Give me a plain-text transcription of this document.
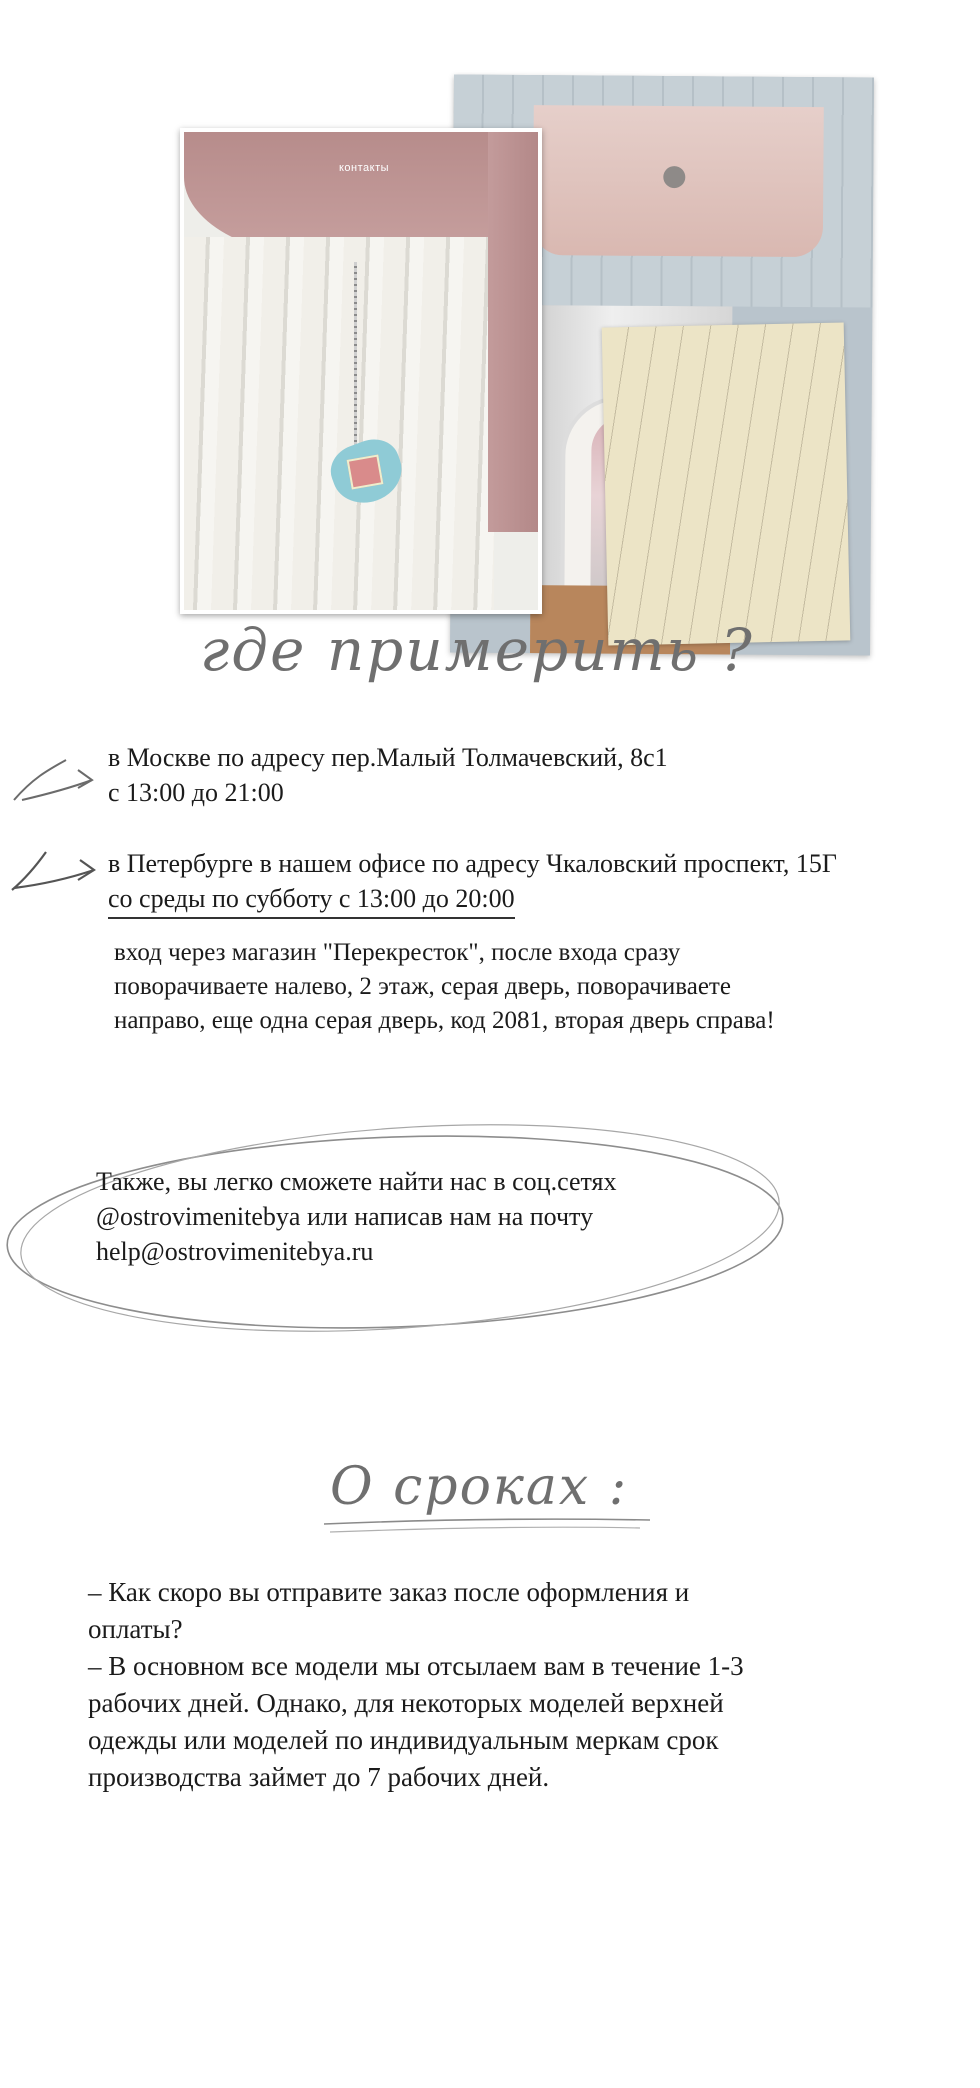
контакты
где примерить ?
в Москве по адресу пер.Малый Толмачевский, 8с1
с 13:00 до 21:00
в Петербурге в нашем офисе по адресу Чкаловский проспект, 15Г
со среды по субботу с 13:00 до 20:00
вход через магазин "Перекресток", после входа сразу
поворачиваете налево, 2 этаж, серая дверь, поворачиваете
направо, еще одна серая дверь, код 2081, вторая дверь справа!
Также, вы легко сможете найти нас в соц.сетях
@ostrovimenitebya или написав нам на почту
help@ostrovimenitebya.ru
О сроках :
– Как скоро вы отправите заказ после оформления и
оплаты?
– В основном все модели мы отсылаем вам в течение 1-3
рабочих дней. Однако, для некоторых моделей верхней
одежды или моделей по индивидуальным меркам срок
производства займет до 7 рабочих дней.
